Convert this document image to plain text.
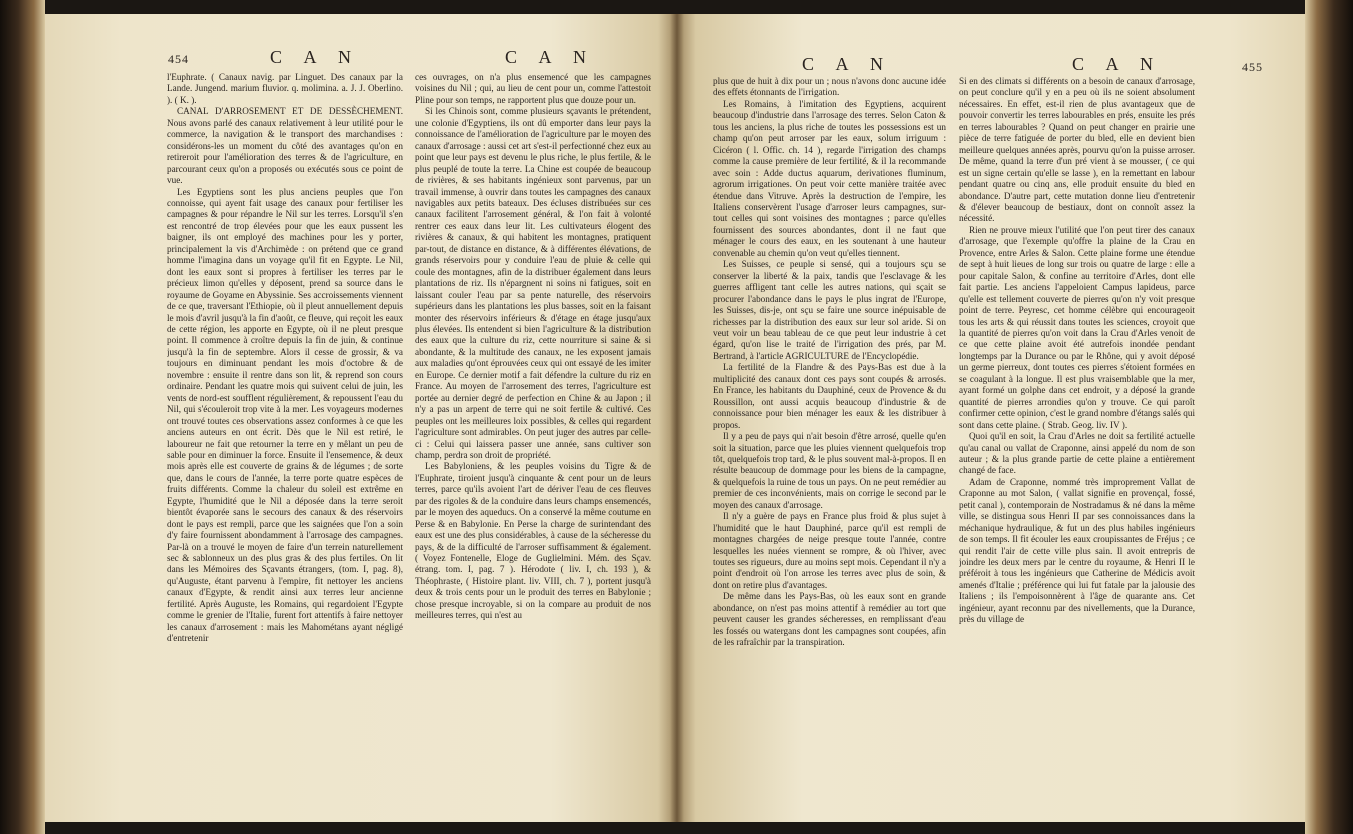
454	C A N	C A N

l'Euphrate. ( Canaux navig. par Linguet. Des canaux par la Lande. Jungend. marium fluvior. q. molimina. a. J. J. Oberlino. ). ( K. ).

CANAL D'ARROSEMENT ET DE DESSÈCHEMENT. Nous avons parlé des canaux relativement à leur utilité pour le commerce, la navigation & le transport des marchandises : considérons-les un moment du côté des avantages qu'on en retireroit pour l'amélioration des terres & de l'agriculture, en parcourant ceux qu'on a proposés ou exécutés sous ce point de vue.

Les Egyptiens sont les plus anciens peuples que l'on connoisse, qui ayent fait usage des canaux pour fertiliser les campagnes & pour répandre le Nil sur les terres. Lorsqu'il s'en est rencontré de trop élevées pour que les eaux pussent les baigner, ils ont employé des machines pour les y porter, principalement la vis d'Archimède : on prétend que ce grand homme l'imagina dans un voyage qu'il fit en Egypte. Le Nil, dont les eaux sont si propres à fertiliser les terres par le précieux limon qu'elles y déposent, prend sa source dans le royaume de Goyame en Abyssinie. Ses accroissements viennent de ce que, traversant l'Ethiopie, où il pleut annuellement depuis le mois d'avril jusqu'à la fin d'août, ce fleuve, qui reçoit les eaux de cette région, les apporte en Egypte, où il ne pleut presque point. Il commence à croître depuis la fin de juin, & continue jusqu'à la fin de septembre. Alors il cesse de grossir, & va toujours en diminuant pendant les mois d'octobre & de novembre : ensuite il rentre dans son lit, & reprend son cours ordinaire. Pendant les quatre mois qui suivent celui de juin, les vents de nord-est soufflent régulièrement, & repoussent l'eau du Nil, qui s'écouleroit trop vite à la mer. Les voyageurs modernes ont trouvé toutes ces observations assez conformes à ce que les anciens auteurs en ont écrit. Dès que le Nil est retiré, le laboureur ne fait que retourner la terre en y mêlant un peu de sable pour en diminuer la force. Ensuite il l'ensemence, & deux mois après elle est couverte de grains & de légumes ; de sorte que, dans le cours de l'année, la terre porte quatre espèces de fruits différents. Comme la chaleur du soleil est extrême en Egypte, l'humidité que le Nil a déposée dans la terre seroit bientôt évaporée sans le secours des canaux & des réservoirs dont le pays est rempli, parce que les saignées que l'on a soin d'y faire fournissent abondamment à l'arrosage des campagnes. Par-là on a trouvé le moyen de faire d'un terrein naturellement sec & sablonneux un des plus gras & des plus fertiles. On lit dans les Mémoires des Sçavants étrangers, (tom. I, pag. 8), qu'Auguste, étant parvenu à l'empire, fit nettoyer les anciens canaux d'Egypte, & rendit ainsi aux terres leur ancienne fertilité. Après Auguste, les Romains, qui regardoient l'Egypte comme le grenier de l'Italie, furent fort attentifs à faire nettoyer les canaux d'arrosement : mais les Mahométans ayant négligé d'entretenir

ces ouvrages, on n'a plus ensemencé que les campagnes voisines du Nil ; qui, au lieu de cent pour un, comme l'attestoit Pline pour son temps, ne rapportent plus que douze pour un.

Si les Chinois sont, comme plusieurs sçavants le prétendent, une colonie d'Egyptiens, ils ont dû emporter dans leur pays la connoissance de l'amélioration de l'agriculture par le moyen des canaux d'arrosage : aussi cet art s'est-il perfectionné chez eux au point que leur pays est devenu le plus riche, le plus fertile, & le plus peuplé de toute la terre. La Chine est coupée de beaucoup de rivières, & ses habitants ingénieux sont parvenus, par un travail immense, à ouvrir dans toutes les campagnes des canaux navigables aux petits bateaux. Des écluses distribuées sur ces canaux facilitent l'arrosement général, & l'on fait à volonté rentrer ces eaux dans leur lit. Les cultivateurs élogent des rivières & canaux, & qui habitent les montagnes, pratiquent par-tout, de distance en distance, & à différentes élévations, de grands réservoirs pour y conduire l'eau de pluie & celle qui coule des montagnes, afin de la distribuer également dans leurs plantations de riz. Ils n'épargnent ni soins ni fatigues, soit en laissant couler l'eau par sa pente naturelle, des réservoirs supérieurs dans les plantations les plus basses, soit en la faisant monter des réservoirs inférieurs & d'étage en étage jusqu'aux plus élevées. Ils entendent si bien l'agriculture & la distribution des eaux que la culture du riz, cette nourriture si saine & si abondante, & la multitude des canaux, ne les exposent jamais aux maladies qu'ont éprouvées ceux qui ont essayé de les imiter en Europe. Ce dernier motif a fait défendre la culture du riz en France. Au moyen de l'arrosement des terres, l'agriculture est portée au dernier degré de perfection en Chine & au Japon ; il n'y a pas un arpent de terre qui ne soit fertile & cultivé. Ces peuples ont les meilleures loix possibles, & celles qui regardent l'agriculture sont admirables. On peut juger des autres par celle-ci : Celui qui laissera passer une année, sans cultiver son champ, perdra son droit de propriété.

Les Babyloniens, & les peuples voisins du Tigre & de l'Euphrate, tiroient jusqu'à cinquante & cent pour un de leurs terres, parce qu'ils avoient l'art de dériver l'eau de ces fleuves par des rigoles & de la conduire dans leurs champs ensemencés, par le moyen des aqueducs. On a conservé la même coutume en Perse & en Babylonie. En Perse la charge de surintendant des eaux est une des plus considérables, à cause de la sécheresse du pays, & de la difficulté de l'arroser suffisamment & également. ( Voyez Fontenelle, Eloge de Guglielmini. Mém. des Sçav. étrang. tom. I, pag. 7 ). Hérodote ( liv. I, ch. 193 ), & Théophraste, ( Histoire plant. liv. VIII, ch. 7 ), portent jusqu'à deux & trois cents pour un le produit des terres en Babylonie ; chose presque incroyable, si on la compare au produit de nos meilleures terres, qui n'est au

C A N	C A N	455

plus que de huit à dix pour un ; nous n'avons donc aucune idée des effets étonnants de l'irrigation.

Les Romains, à l'imitation des Egyptiens, acquirent beaucoup d'industrie dans l'arrosage des terres. Selon Caton & tous les anciens, la plus riche de toutes les possessions est un champ qu'on peut arroser par les eaux, solum irriguum : Cicéron ( l. Offic. ch. 14 ), regarde l'irrigation des champs comme la cause première de leur fertilité, & il la recommande avec soin : Adde ductus aquarum, derivationes fluminum, agrorum irrigationes. On peut voir cette manière traitée avec étendue dans Vitruve. Après la destruction de l'empire, les Italiens conservèrent l'usage d'arroser leurs campagnes, sur-tout celles qui sont voisines des montagnes ; parce qu'elles fournissent des sources abondantes, dont il ne faut que ménager le cours des eaux, en les soutenant à une hauteur convenable au chemin qu'on veut qu'elles tiennent.

Les Suisses, ce peuple si sensé, qui a toujours sçu se conserver la liberté & la paix, tandis que l'esclavage & les guerres affligent tant celle les autres nations, qui sçait se procurer l'abondance dans le pays le plus ingrat de l'Europe, les Suisses, dis-je, ont sçu se faire une source inépuisable de richesses par la distribution des eaux sur leur sol aride. Si on veut voir un beau tableau de ce que peut leur industrie à cet égard, qu'on lise le traité de l'irrigation des prés, par M. Bertrand, à l'article AGRICULTURE de l'Encyclopédie.

La fertilité de la Flandre & des Pays-Bas est due à la multiplicité des canaux dont ces pays sont coupés & arrosés. En France, les habitants du Dauphiné, ceux de Provence & du Roussillon, ont aussi acquis beaucoup d'industrie & de connoissance pour bien ménager les eaux & les distribuer à propos.

Il y a peu de pays qui n'ait besoin d'être arrosé, quelle qu'en soit la situation, parce que les pluies viennent quelquefois trop tôt, quelquefois trop tard, & le plus souvent mal-à-propos. Il en résulte beaucoup de dommage pour les biens de la campagne, & quelquefois la ruine de tous un pays. On ne peut remédier au premier de ces inconvénients, mais on corrige le second par le moyen des canaux d'arrosage.

Il n'y a guère de pays en France plus froid & plus sujet à l'humidité que le haut Dauphiné, parce qu'il est rempli de montagnes chargées de neige presque toute l'année, contre lesquelles les nuées viennent se rompre, & où l'hiver, avec toutes ses rigueurs, dure au moins sept mois. Cependant il n'y a point d'endroit où l'on arrose les terres avec plus de soin, & dont on retire plus d'avantages.

De même dans les Pays-Bas, où les eaux sont en grande abondance, on n'est pas moins attentif à remédier au tort que peuvent causer les grandes sécheresses, en remplissant d'eau les fossés ou watergans dont les campagnes sont coupées, afin de les rafraîchir par la transpiration.

Si en des climats si différents on a besoin de canaux d'arrosage, on peut conclure qu'il y en a peu où ils ne soient absolument nécessaires. En effet, est-il rien de plus avantageux que de pouvoir convertir les terres labourables en prés, ensuite les prés en terres labourables ? Quand on peut changer en prairie une pièce de terre fatiguée de porter du bled, elle en devient bien meilleure quelques années après, pourvu qu'on la puisse arroser. De même, quand la terre d'un pré vient à se mousser, ( ce qui est un signe certain qu'elle se lasse ), en la remettant en labour pendant quatre ou cinq ans, elle produit ensuite du bled en abondance. D'autre part, cette mutation donne lieu d'entretenir & d'élever beaucoup de bestiaux, dont on connoît assez la nécessité.

Rien ne prouve mieux l'utilité que l'on peut tirer des canaux d'arrosage, que l'exemple qu'offre la plaine de la Crau en Provence, entre Arles & Salon. Cette plaine forme une étendue de sept à huit lieues de long sur trois ou quatre de large : elle a pour capitale Salon, & confine au territoire d'Arles, dont elle fait partie. Les anciens l'appeloient Campus lapideus, parce qu'elle est tellement couverte de pierres qu'on n'y voit presque point de terre. Peyresc, cet homme célèbre qui encourageoit tous les arts & qui réussit dans toutes les sciences, croyoit que la quantité de pierres qu'on voit dans la Crau d'Arles venoit de ce que cette plaine avoit été autrefois inondée pendant longtemps par la Durance ou par le Rhône, qui y avoit déposé un germe pierreux, dont toutes ces pierres s'étoient formées en se coagulant à la longue. Il est plus vraisemblable que la mer, ayant formé un golphe dans cet endroit, y a déposé la grande quantité de pierres arrondies qu'on y trouve. Ce qui paroît confirmer cette opinion, c'est le grand nombre d'étangs salés qui sont dans cette plaine. ( Strab. Geog. liv. IV ).

Quoi qu'il en soit, la Crau d'Arles ne doit sa fertilité actuelle qu'au canal ou vallat de Craponne, ainsi appelé du nom de son auteur ; & la plus grande partie de cette plaine a entièrement changé de face.

Adam de Craponne, nommé très improprement Vallat de Craponne au mot Salon, ( vallat signifie en provençal, fossé, petit canal ), contemporain de Nostradamus & né dans la même ville, se distingua sous Henri II par ses connoissances dans la méchanique hydraulique, & fut un des plus habiles ingénieurs de son temps. Il fit écouler les eaux croupissantes de Fréjus ; ce qui rendit l'air de cette ville plus sain. Il avoit entrepris de joindre les deux mers par le centre du royaume, & Henri II le préféroit à tous les ingénieurs que Catherine de Médicis avoit amenés d'Italie ; préférence qui lui fut fatale par la jalousie des Italiens ; ils l'empoisonnèrent à l'âge de quarante ans. Cet ingénieur, ayant reconnu par des nivellements, que la Durance, près du village de
